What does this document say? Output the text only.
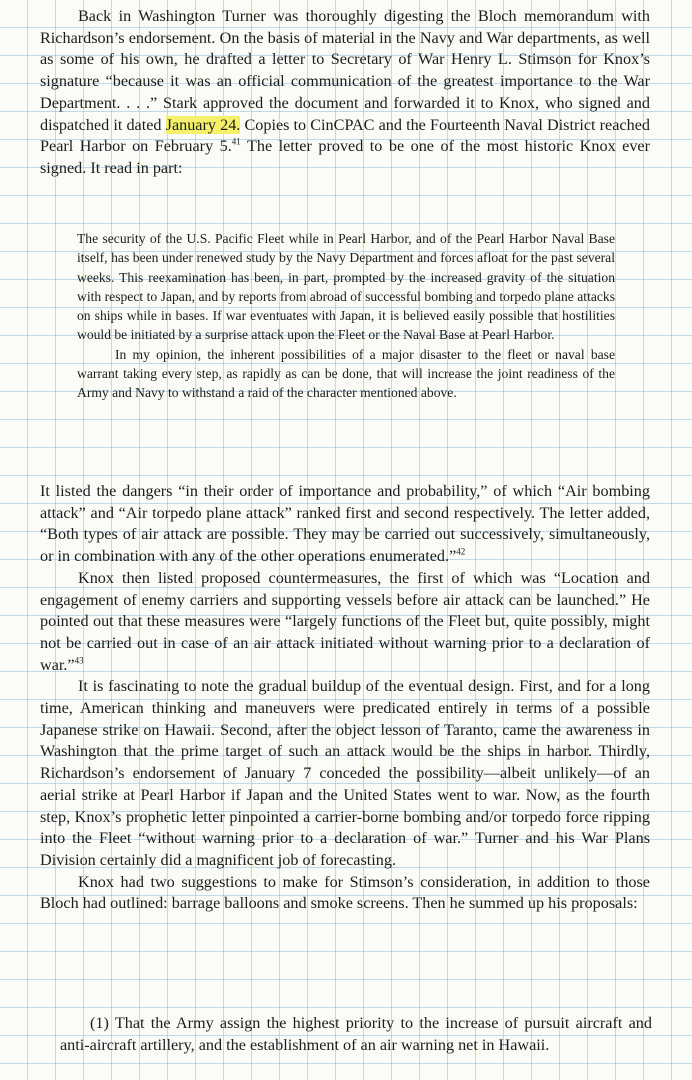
Back in Washington Turner was thoroughly digesting the Bloch memorandum with Richardson’s endorsement. On the basis of material in the Navy and War departments, as well as some of his own, he drafted a letter to Secretary of War Henry L. Stimson for Knox’s signature “because it was an official communication of the greatest importance to the War Department. . . .” Stark approved the document and forwarded it to Knox, who signed and dispatched it dated January 24. Copies to CinCPAC and the Fourteenth Naval District reached Pearl Harbor on February 5.41 The letter proved to be one of the most historic Knox ever signed. It read in part:

The security of the U.S. Pacific Fleet while in Pearl Harbor, and of the Pearl Harbor Naval Base itself, has been under renewed study by the Navy Department and forces afloat for the past several weeks. This reexamination has been, in part, prompted by the increased gravity of the situation with respect to Japan, and by reports from abroad of successful bombing and torpedo plane attacks on ships while in bases. If war eventuates with Japan, it is believed easily possible that hostilities would be initiated by a surprise attack upon the Fleet or the Naval Base at Pearl Harbor.

In my opinion, the inherent possibilities of a major disaster to the fleet or naval base warrant taking every step, as rapidly as can be done, that will increase the joint readiness of the Army and Navy to withstand a raid of the character mentioned above.

It listed the dangers “in their order of importance and probability,” of which “Air bombing attack” and “Air torpedo plane attack” ranked first and second respectively. The letter added, “Both types of air attack are possible. They may be carried out successively, simultaneously, or in combination with any of the other operations enumerated.”$^{42}$

Knox then listed proposed countermeasures, the first of which was “Location and engagement of enemy carriers and supporting vessels before air attack can be launched.” He pointed out that these measures were “largely functions of the Fleet but, quite possibly, might not be carried out in case of an air attack initiated without warning prior to a declaration of war.”$^{43}$

It is fascinating to note the gradual buildup of the eventual design. First, and for a long time, American thinking and maneuvers were predicated entirely in terms of a possible Japanese strike on Hawaii. Second, after the object lesson of Taranto, came the awareness in Washington that the prime target of such an attack would be the ships in harbor. Thirdly, Richardson’s endorsement of January 7 conceded the possibility—albeit unlikely—of an aerial strike at Pearl Harbor if Japan and the United States went to war. Now, as the fourth step, Knox’s prophetic letter pinpointed a carrier-borne bombing and/or torpedo force ripping into the Fleet “without warning prior to a declaration of war.” Turner and his War Plans Division certainly did a magnificent job of forecasting.

Knox had two suggestions to make for Stimson’s consideration, in addition to those Bloch had outlined: barrage balloons and smoke screens. Then he summed up his proposals:

(1) That the Army assign the highest priority to the increase of pursuit aircraft and anti-aircraft artillery, and the establishment of an air warning net in Hawaii.
